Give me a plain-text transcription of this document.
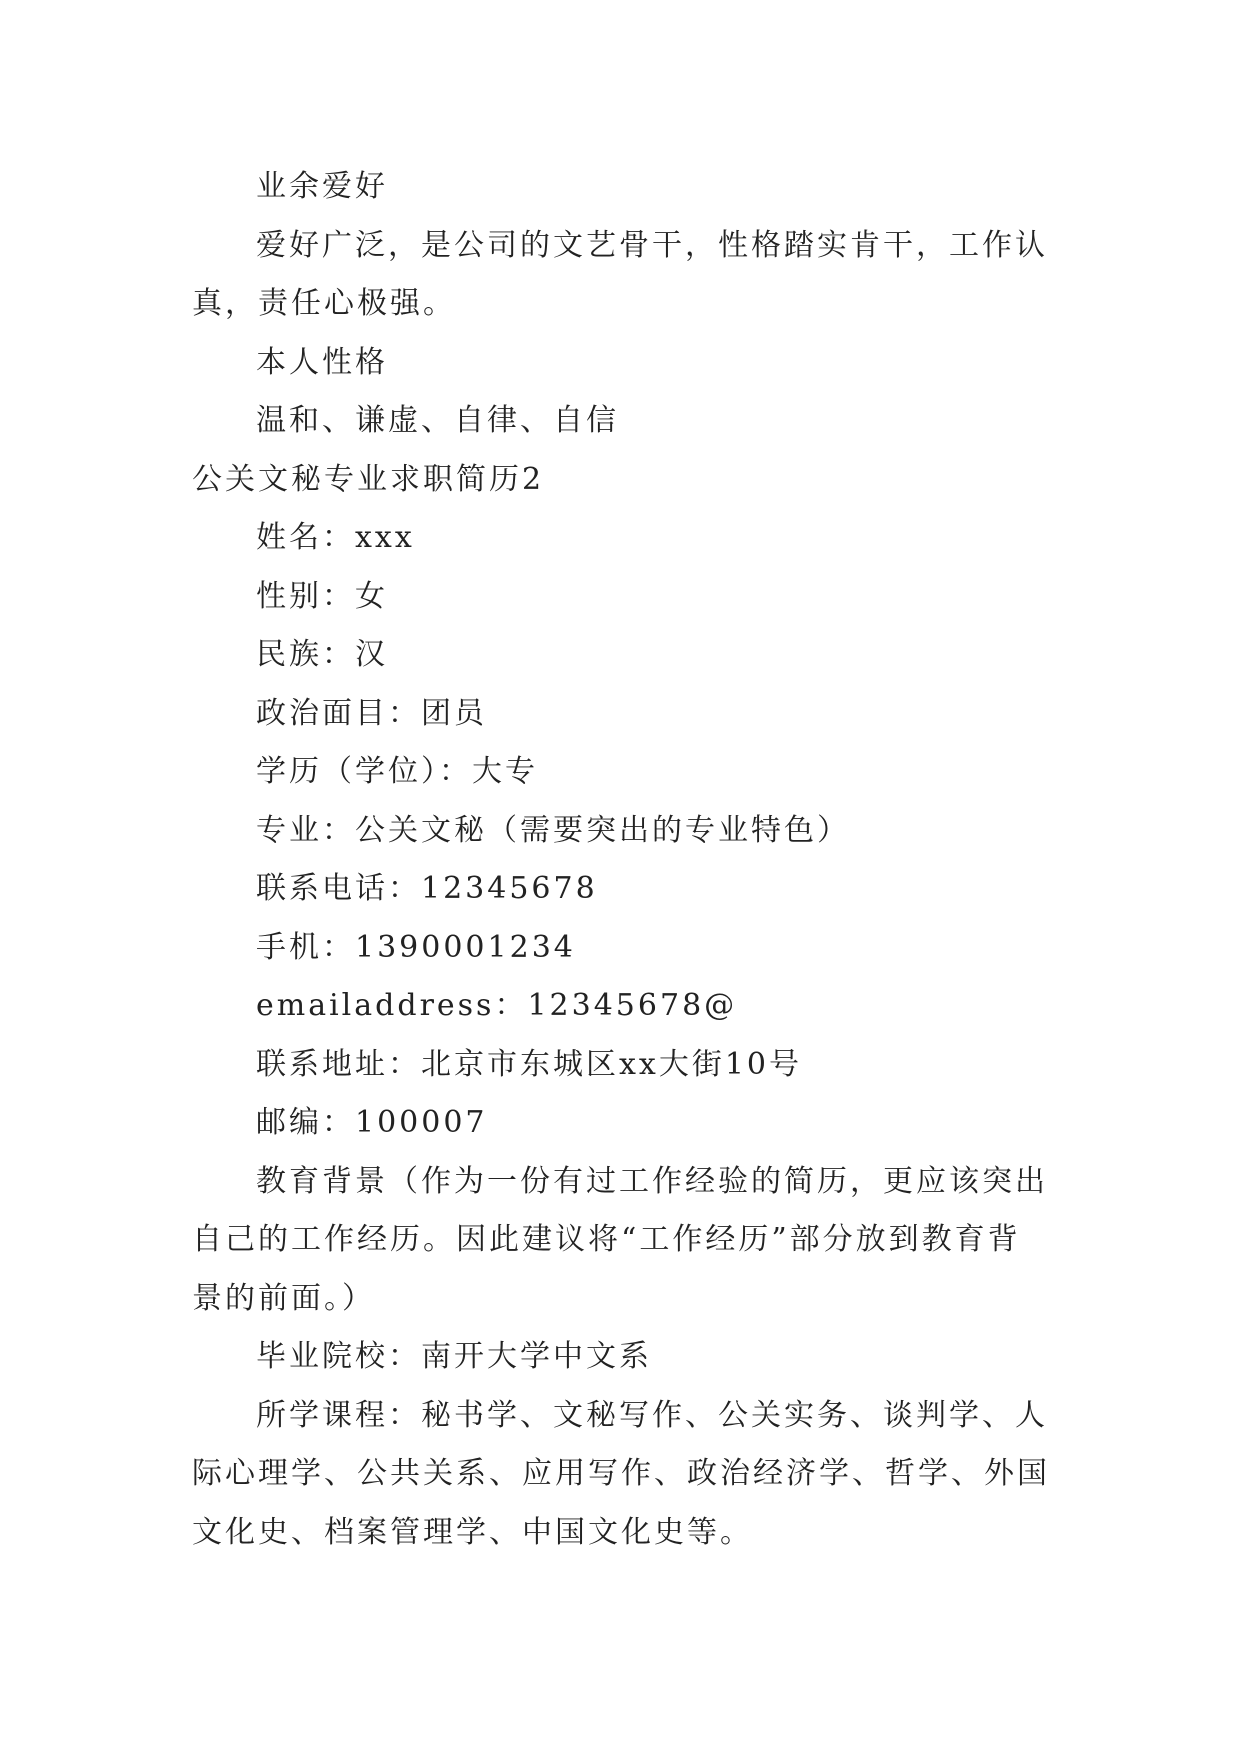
业余爱好

爱好广泛，是公司的文艺骨干，性格踏实肯干，工作认
真，责任心极强。

本人性格

温和、谦虚、自律、自信

公关文秘专业求职简历2

姓名：xxx

性别：女

民族：汉

政治面目：团员

学历（学位）：大专

专业：公关文秘（需要突出的专业特色）

联系电话：12345678

手机：1390001234

emailaddress：12345678@

联系地址：北京市东城区xx大街10号

邮编：100007

教育背景（作为一份有过工作经验的简历，更应该突出
自己的工作经历。因此建议将“工作经历”部分放到教育背
景的前面。）

毕业院校：南开大学中文系

所学课程：秘书学、文秘写作、公关实务、谈判学、人
际心理学、公共关系、应用写作、政治经济学、哲学、外国
文化史、档案管理学、中国文化史等。
